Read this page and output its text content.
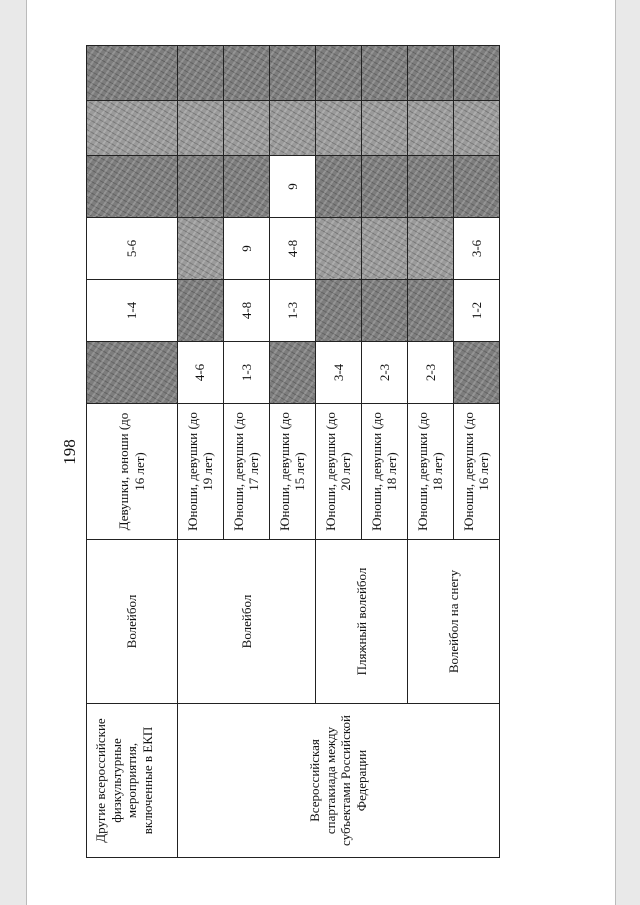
198
Другие всероссийские физкультурные мероприятия, включенные в ЕКП	Волейбол	Девушки, юноши (до 16 лет)		1-4	5-6			
Всероссийская спартакиада между субъектами Российской Федерации	Волейбол	Юноши, девушки (до 19 лет)	4-6					
		Юноши, девушки (до 17 лет)	1-3	4-8	9			
		Юноши, девушки (до 15 лет)		1-3	4-8	9		
	Пляжный волейбол	Юноши, девушки (до 20 лет)	3-4					
		Юноши, девушки (до 18 лет)	2-3					
	Волейбол на снегу	Юноши, девушки (до 18 лет)	2-3					
		Юноши, девушки (до 16 лет)		1-2	3-6			
